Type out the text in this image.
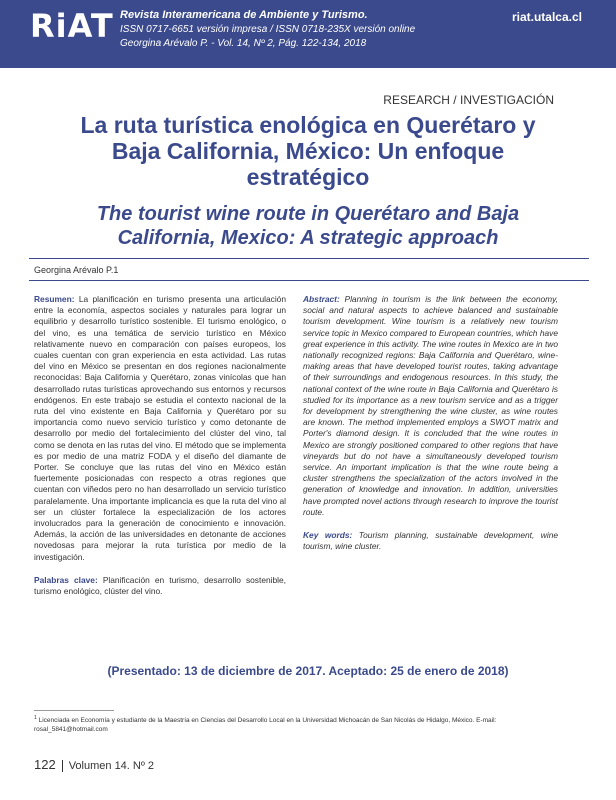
RiAT Revista Interamericana de Ambiente y Turismo.
ISSN 0717-6651 versión impresa / ISSN 0718-235X versión online
Georgina Arévalo P. - Vol. 14, Nº 2, Pág. 122-134, 2018
riat.utalca.cl
RESEARCH / INVESTIGACIÓN
La ruta turística enológica en Querétaro y Baja California, México: Un enfoque estratégico
The tourist wine route in Querétaro and Baja California, Mexico: A strategic approach
Georgina Arévalo P.1
Resumen: La planificación en turismo presenta una articulación entre la economía, aspectos sociales y naturales para lograr un equilibrio y desarrollo turístico sostenible. El turismo enológico, o del vino, es una temática de servicio turístico en México relativamente nuevo en comparación con países europeos, los cuales cuentan con gran experiencia en esta actividad. Las rutas del vino en México se presentan en dos regiones nacionalmente reconocidas: Baja California y Querétaro, zonas vinícolas que han desarrollado rutas turísticas aprovechando sus entornos y recursos endógenos. En este trabajo se estudia el contexto nacional de la ruta del vino existente en Baja California y Querétaro por su importancia como nuevo servicio turístico y como detonante de desarrollo por medio del fortalecimiento del clúster del vino, tal como se denota en las rutas del vino. El método que se implementa es por medio de una matriz FODA y el diseño del diamante de Porter. Se concluye que las rutas del vino en México están fuertemente posicionadas con respecto a otras regiones que cuentan con viñedos pero no han desarrollado un servicio turístico paralelamente. Una importante implicancia es que la ruta del vino al ser un clúster fortalece la especialización de los actores involucrados para la generación de conocimiento e innovación. Además, la acción de las universidades en detonante de acciones novedosas para mejorar la ruta turística por medio de la investigación.
Palabras clave: Planificación en turismo, desarrollo sostenible, turismo enológico, clúster del vino.
Abstract: Planning in tourism is the link between the economy, social and natural aspects to achieve balanced and sustainable tourism development. Wine tourism is a relatively new tourism service topic in Mexico compared to European countries, which have great experience in this activity. The wine routes in Mexico are in two nationally recognized regions: Baja California and Querétaro, wine-making areas that have developed tourist routes, taking advantage of their surroundings and endogenous resources. In this study, the national context of the wine route in Baja California and Querétaro is studied for its importance as a new tourism service and as a trigger for development by strengthening the wine cluster, as wine routes are known. The method implemented employs a SWOT matrix and Porter's diamond design. It is concluded that the wine routes in Mexico are strongly positioned compared to other regions that have vineyards but do not have a simultaneously developed tourism service. An important implication is that the wine route being a cluster strengthens the specialization of the actors involved in the generation of knowledge and innovation. In addition, universities have prompted novel actions through research to improve the tourist route.
Key words: Tourism planning, sustainable development, wine tourism, wine cluster.
(Presentado: 13 de diciembre de 2017. Aceptado: 25 de enero de 2018)
$^1$ Licenciada en Economía y estudiante de la Maestría en Ciencias del Desarrollo Local en la Universidad Michoacán de San Nicolás de Hidalgo, México. E-mail: rosal_5841@hotmail.com
122 Volumen 14. Nº 2
